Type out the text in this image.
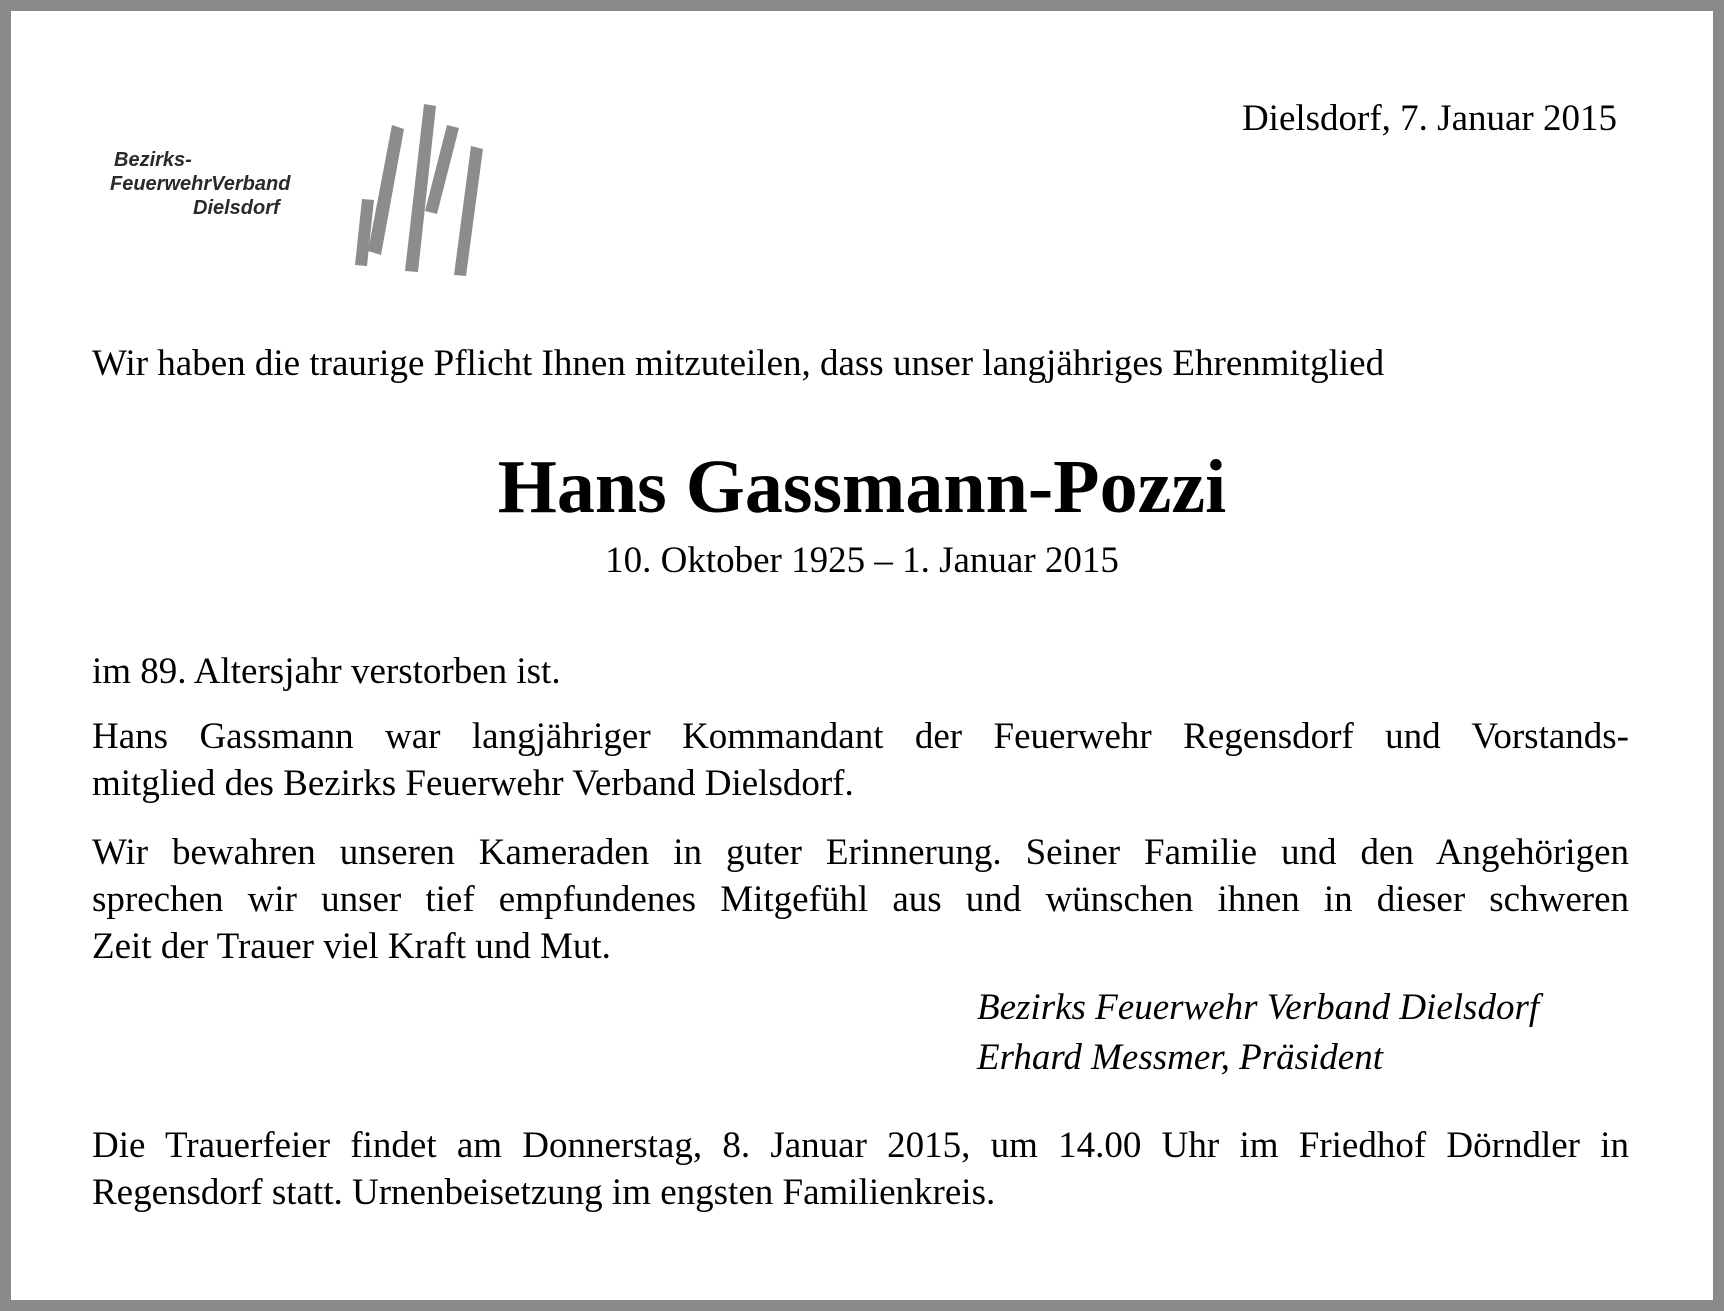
Bezirks-
FeuerwehrVerband
Dielsdorf
Dielsdorf, 7. Januar 2015
Wir haben die traurige Pflicht Ihnen mitzuteilen, dass unser langjähriges Ehrenmitglied
Hans Gassmann-Pozzi
10. Oktober 1925 – 1. Januar 2015
im 89. Altersjahr verstorben ist.
Hans Gassmann war langjähriger Kommandant der Feuerwehr Regensdorf und Vorstands-
mitglied des Bezirks Feuerwehr Verband Dielsdorf.
Wir bewahren unseren Kameraden in guter Erinnerung. Seiner Familie und den Angehörigen
sprechen wir unser tief empfundenes Mitgefühl aus und wünschen ihnen in dieser schweren
Zeit der Trauer viel Kraft und Mut.
Bezirks Feuerwehr Verband Dielsdorf
Erhard Messmer, Präsident
Die Trauerfeier findet am Donnerstag, 8. Januar 2015, um 14.00 Uhr im Friedhof Dörndler in
Regensdorf statt. Urnenbeisetzung im engsten Familienkreis.
